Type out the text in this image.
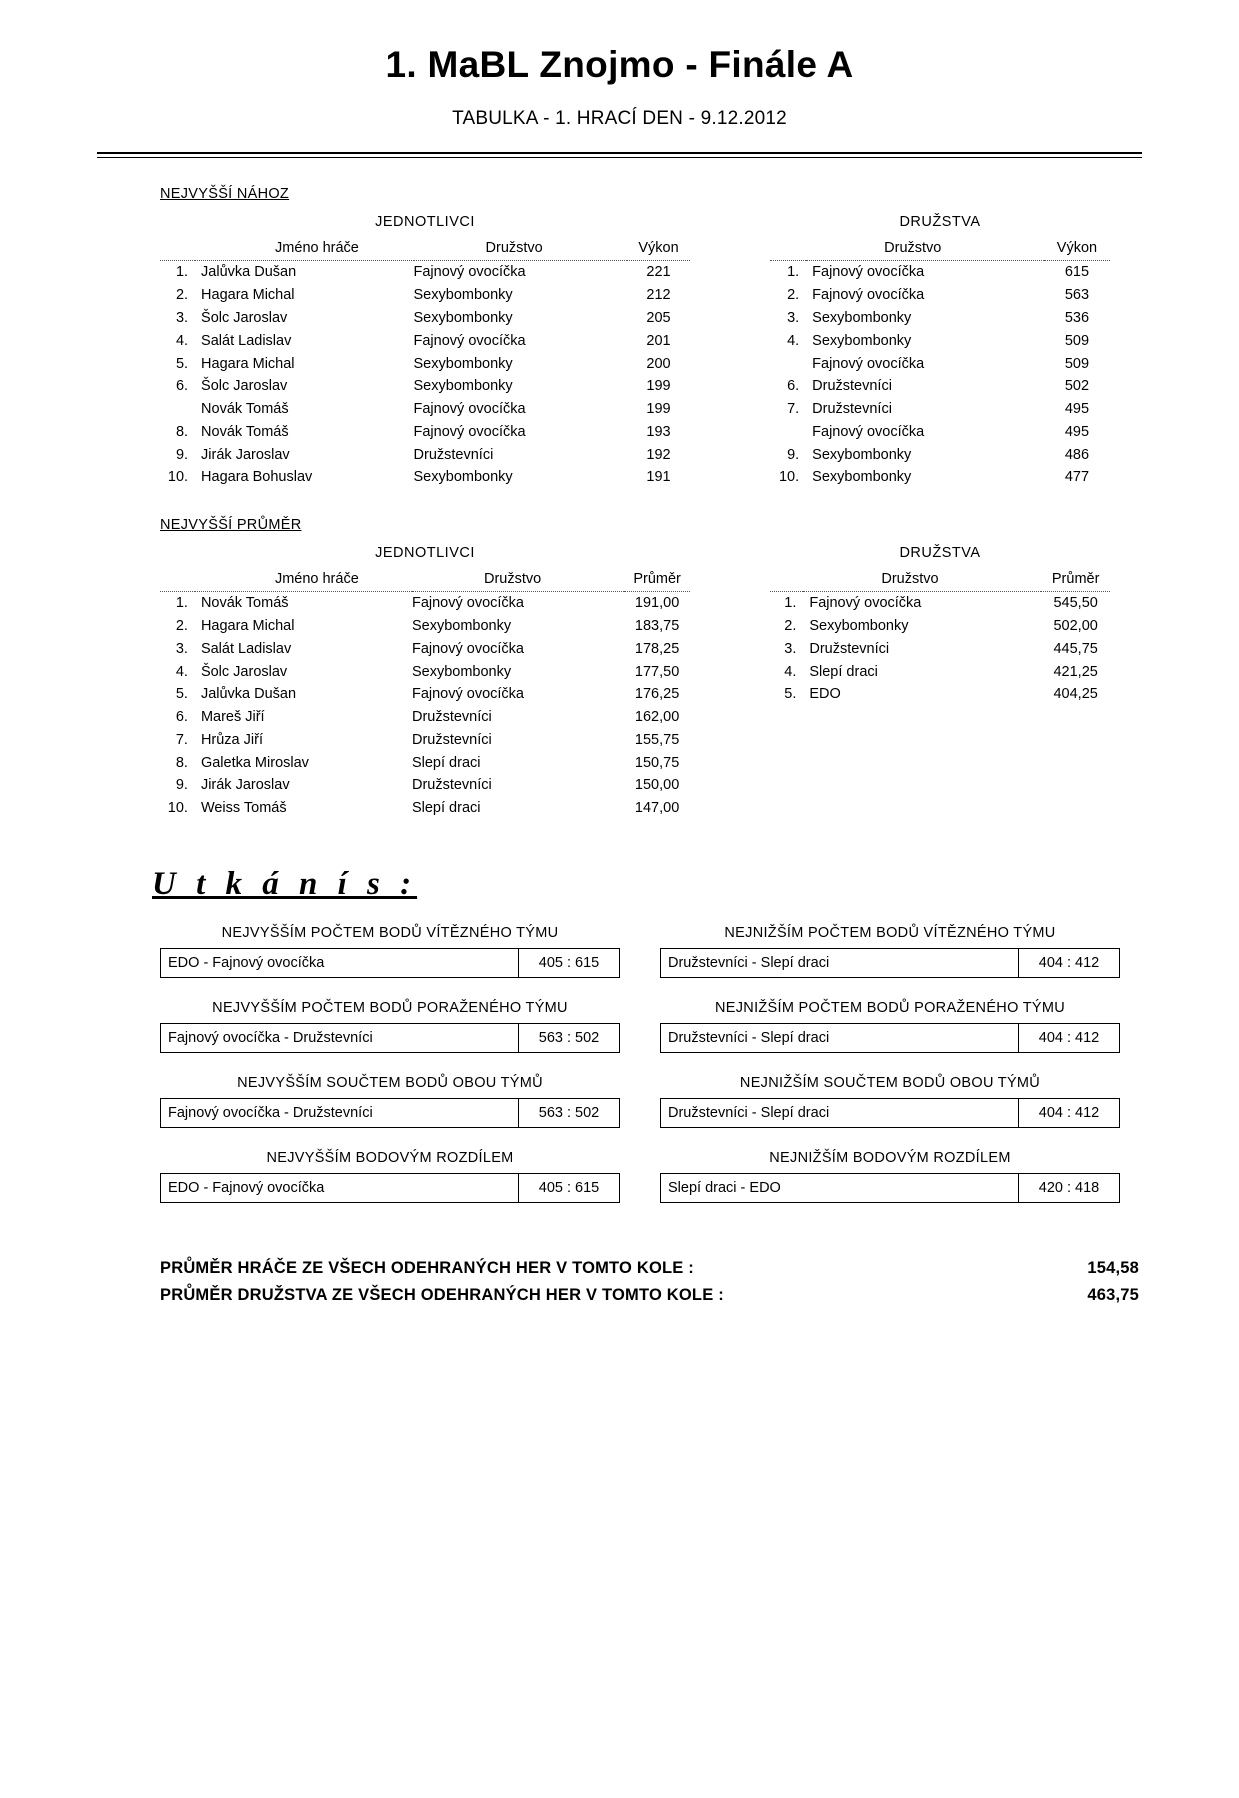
1. MaBL Znojmo - Finále A
TABULKA - 1. HRACÍ DEN - 9.12.2012
NEJVYŠŠÍ NÁHOZ
JEDNOTLIVCI
	Jméno hráče	Družstvo	Výkon
1.	Jalůvka Dušan	Fajnový ovocíčka	221
2.	Hagara Michal	Sexybombonky	212
3.	Šolc Jaroslav	Sexybombonky	205
4.	Salát Ladislav	Fajnový ovocíčka	201
5.	Hagara Michal	Sexybombonky	200
6.	Šolc Jaroslav	Sexybombonky	199
	Novák Tomáš	Fajnový ovocíčka	199
8.	Novák Tomáš	Fajnový ovocíčka	193
9.	Jirák Jaroslav	Družstevníci	192
10.	Hagara Bohuslav	Sexybombonky	191
DRUŽSTVA
	Družstvo	Výkon
1.	Fajnový ovocíčka	615
2.	Fajnový ovocíčka	563
3.	Sexybombonky	536
4.	Sexybombonky	509
	Fajnový ovocíčka	509
6.	Družstevníci	502
7.	Družstevníci	495
	Fajnový ovocíčka	495
9.	Sexybombonky	486
10.	Sexybombonky	477
NEJVYŠŠÍ PRŮMĚR
JEDNOTLIVCI
	Jméno hráče	Družstvo	Průměr
1.	Novák Tomáš	Fajnový ovocíčka	191,00
2.	Hagara Michal	Sexybombonky	183,75
3.	Salát Ladislav	Fajnový ovocíčka	178,25
4.	Šolc Jaroslav	Sexybombonky	177,50
5.	Jalůvka Dušan	Fajnový ovocíčka	176,25
6.	Mareš Jiří	Družstevníci	162,00
7.	Hrůza Jiří	Družstevníci	155,75
8.	Galetka Miroslav	Slepí draci	150,75
9.	Jirák Jaroslav	Družstevníci	150,00
10.	Weiss Tomáš	Slepí draci	147,00
DRUŽSTVA
	Družstvo	Průměr
1.	Fajnový ovocíčka	545,50
2.	Sexybombonky	502,00
3.	Družstevníci	445,75
4.	Slepí draci	421,25
5.	EDO	404,25
U t k á n í s :
NEJVYŠŠÍM POČTEM BODŮ VÍTĚZNÉHO TÝMU
EDO - Fajnový ovocíčka	405 : 615
NEJVYŠŠÍM POČTEM BODŮ PORAŽENÉHO TÝMU
Fajnový ovocíčka - Družstevníci	563 : 502
NEJVYŠŠÍM SOUČTEM BODŮ OBOU TÝMŮ
Fajnový ovocíčka - Družstevníci	563 : 502
NEJVYŠŠÍM BODOVÝM ROZDÍLEM
EDO - Fajnový ovocíčka	405 : 615
NEJNIŽŠÍM POČTEM BODŮ VÍTĚZNÉHO TÝMU
Družstevníci - Slepí draci	404 : 412
NEJNIŽŠÍM POČTEM BODŮ PORAŽENÉHO TÝMU
Družstevníci - Slepí draci	404 : 412
NEJNIŽŠÍM SOUČTEM BODŮ OBOU TÝMŮ
Družstevníci - Slepí draci	404 : 412
NEJNIŽŠÍM BODOVÝM ROZDÍLEM
Slepí draci - EDO	420 : 418
PRŮMĚR HRÁČE ZE VŠECH ODEHRANÝCH HER V TOMTO KOLE :	154,58
PRŮMĚR DRUŽSTVA ZE VŠECH ODEHRANÝCH HER V TOMTO KOLE :	463,75
